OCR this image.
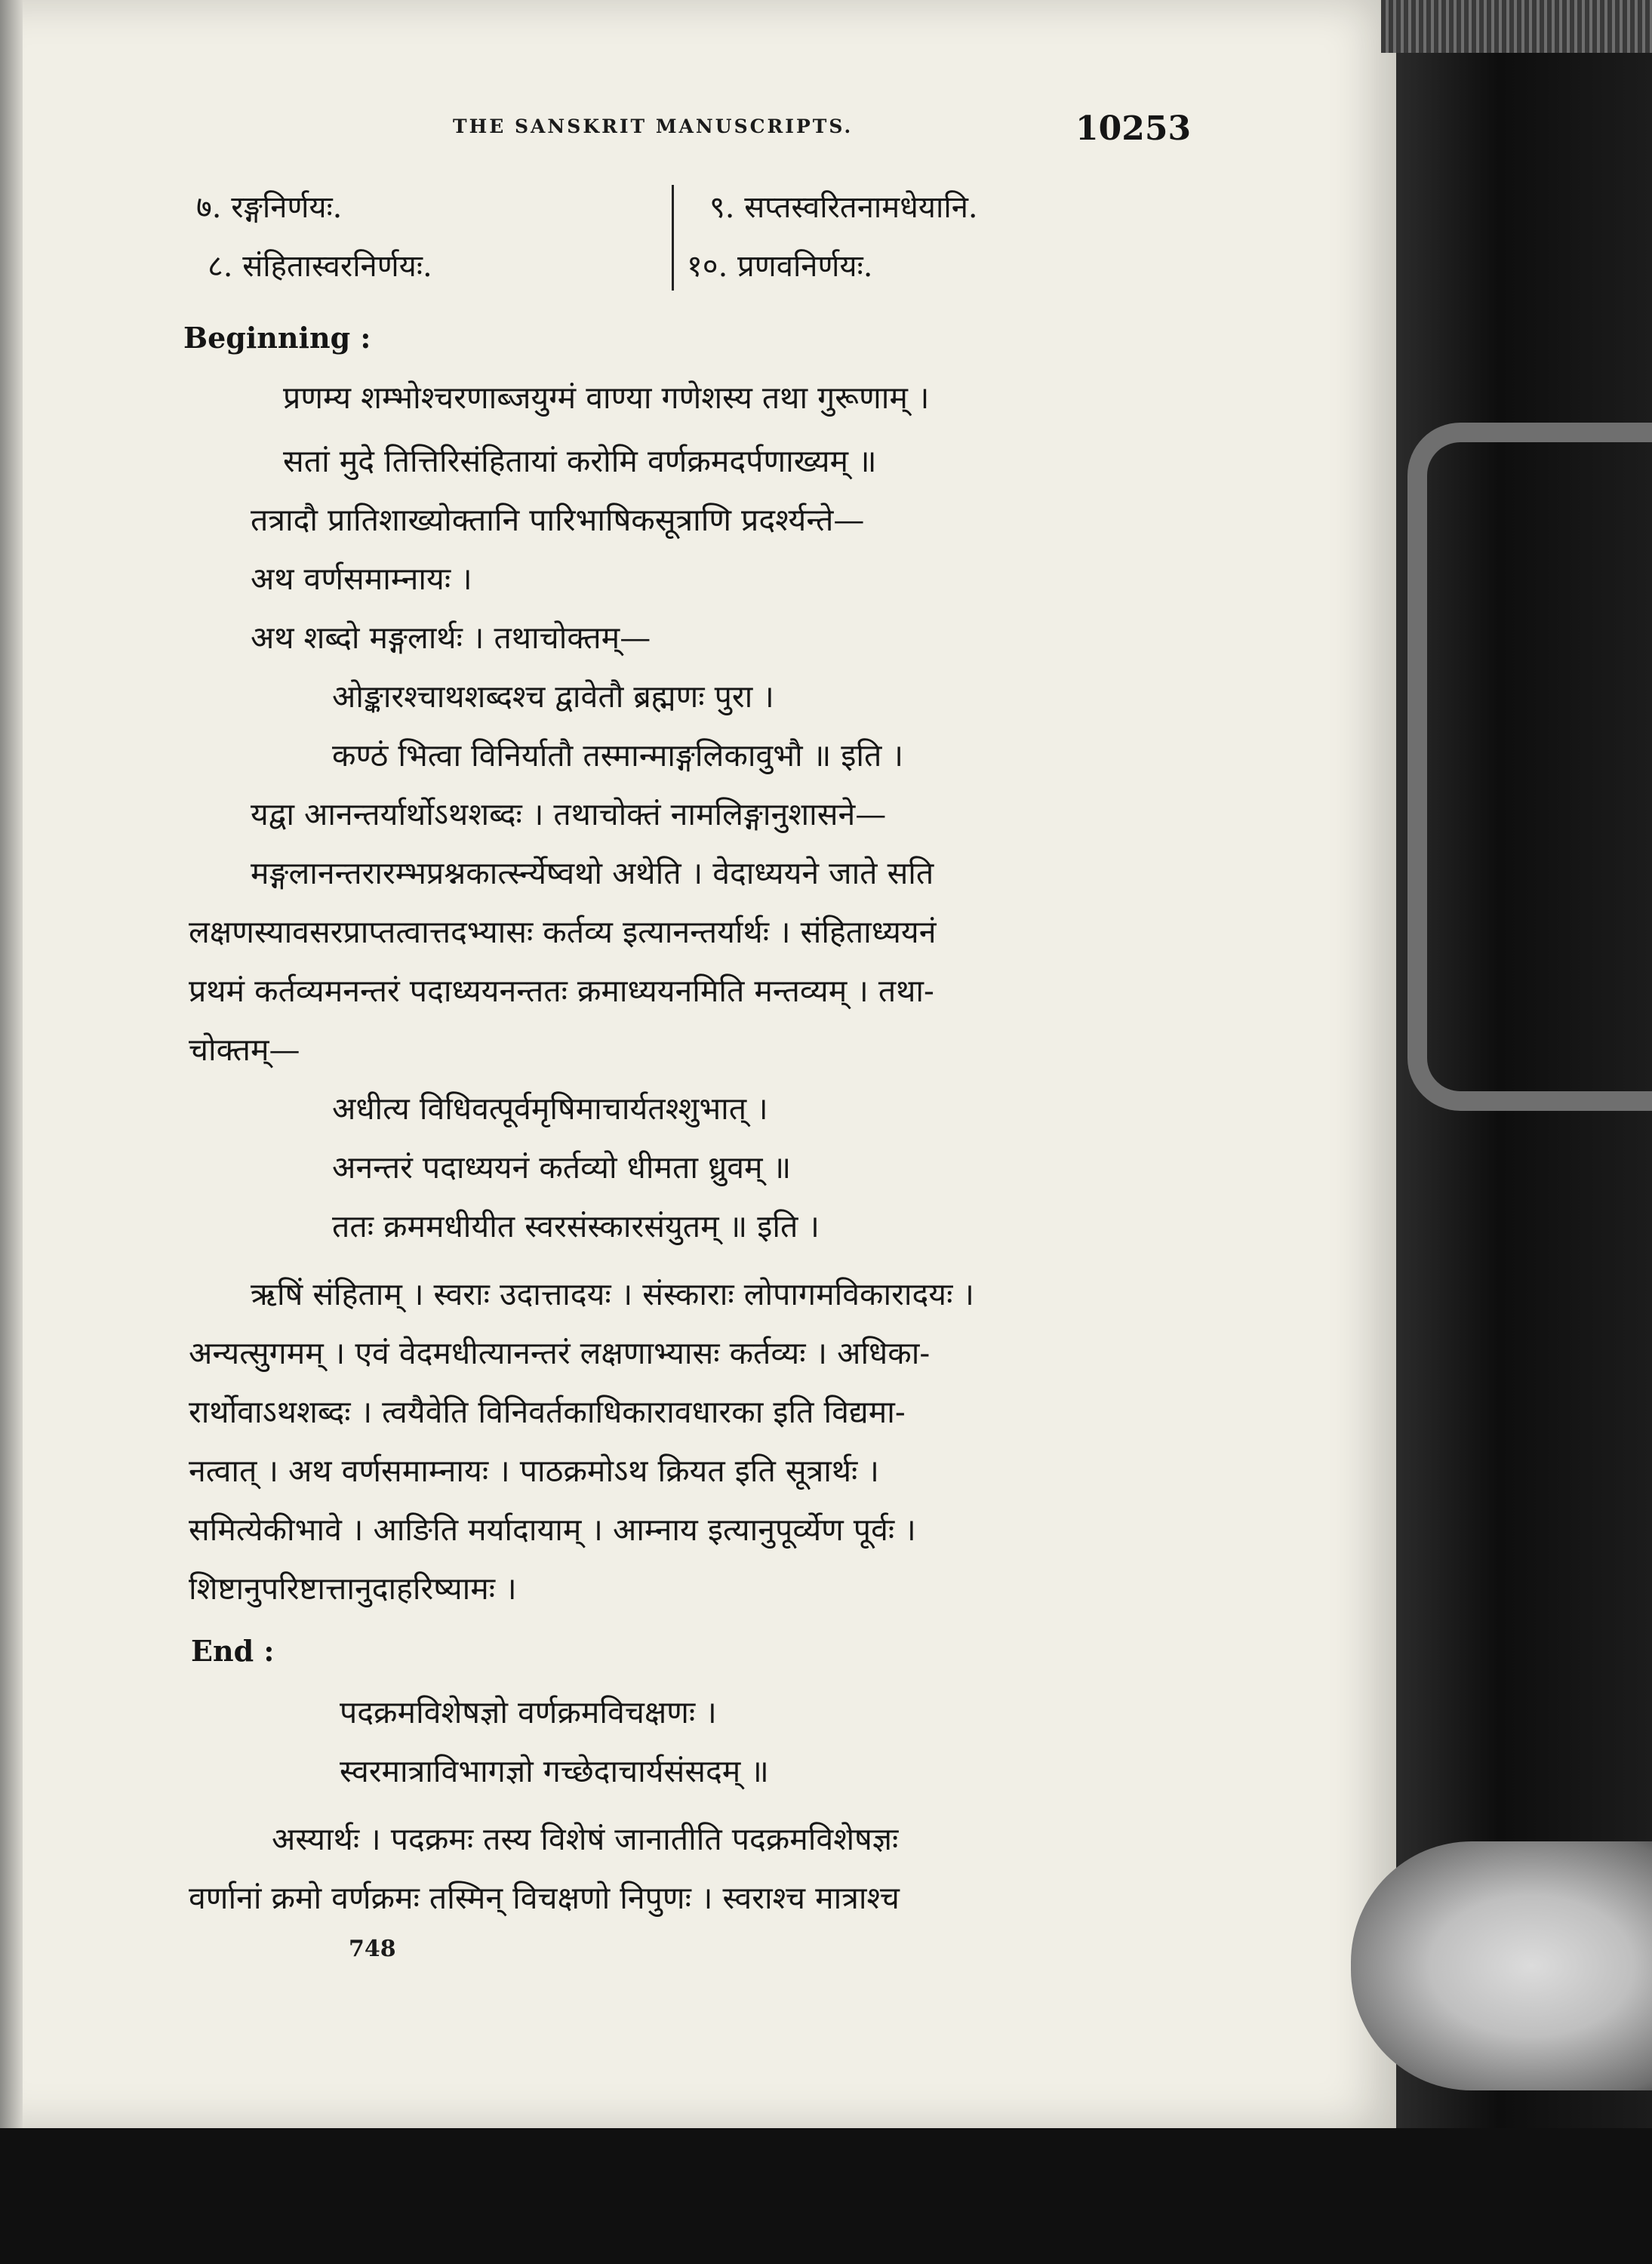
THE SANSKRIT MANUSCRIPTS.	10253
७. रङ्गनिर्णयः.
८. संहितास्वरनिर्णयः.
९. सप्तस्वरितनामधेयानि.
१०. प्रणवनिर्णयः.
Beginning :
प्रणम्य शम्भोश्चरणाब्जयुग्मं वाण्या गणेशस्य तथा गुरूणाम् ।
सतां मुदे तित्तिरिसंहितायां करोमि वर्णक्रमदर्पणाख्यम् ॥
तत्रादौ प्रातिशाख्योक्तानि पारिभाषिकसूत्राणि प्रदर्श्यन्ते—
अथ वर्णसमाम्नायः ।
अथ शब्दो मङ्गलार्थः । तथाचोक्तम्—
ओङ्कारश्चाथशब्दश्च द्वावेतौ ब्रह्मणः पुरा ।
कण्ठं भित्वा विनिर्यातौ तस्मान्माङ्गलिकावुभौ ॥ इति ।
यद्वा आनन्तर्यार्थोऽथशब्दः । तथाचोक्तं नामलिङ्गानुशासने—
मङ्गलानन्तरारम्भप्रश्नकार्त्स्न्येष्वथो अथेति । वेदाध्ययने जाते सति
लक्षणस्यावसरप्राप्तत्वात्तदभ्यासः कर्तव्य इत्यानन्तर्यार्थः । संहिताध्ययनं
प्रथमं कर्तव्यमनन्तरं पदाध्ययनन्ततः क्रमाध्ययनमिति मन्तव्यम् । तथा-
चोक्तम्—
अधीत्य विधिवत्पूर्वमृषिमाचार्यतश्शुभात् ।
अनन्तरं पदाध्ययनं कर्तव्यो धीमता ध्रुवम् ॥
ततः क्रममधीयीत स्वरसंस्कारसंयुतम् ॥ इति ।
ऋषिं संहिताम् । स्वराः उदात्तादयः । संस्काराः लोपागमविकारादयः ।
अन्यत्सुगमम् । एवं वेदमधीत्यानन्तरं लक्षणाभ्यासः कर्तव्यः । अधिका-
रार्थोवाऽथशब्दः । त्वयैवेति विनिवर्तकाधिकारावधारका इति विद्यमा-
नत्वात् । अथ वर्णसमाम्नायः । पाठक्रमोऽथ क्रियत इति सूत्रार्थः ।
समित्येकीभावे । आङिति मर्यादायाम् । आम्नाय इत्यानुपूर्व्येण पूर्वः ।
शिष्टानुपरिष्टात्तानुदाहरिष्यामः ।
End :
पदक्रमविशेषज्ञो वर्णक्रमविचक्षणः ।
स्वरमात्राविभागज्ञो गच्छेदाचार्यसंसदम् ॥
अस्यार्थः । पदक्रमः तस्य विशेषं जानातीति पदक्रमविशेषज्ञः
वर्णानां क्रमो वर्णक्रमः तस्मिन् विचक्षणो निपुणः । स्वराश्च मात्राश्च
748
